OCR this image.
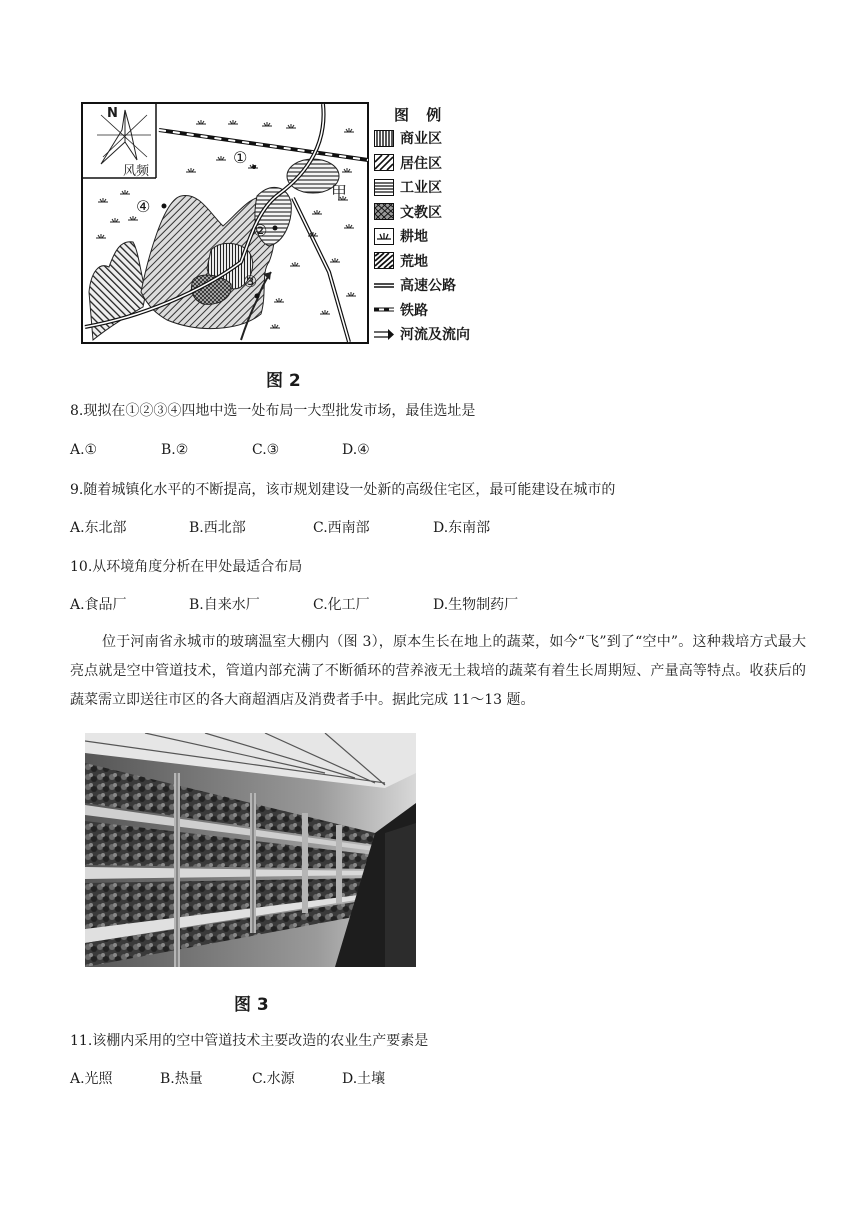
N
风频
①
④
②
③
甲
图 例
商业区
居住区
工业区
文教区
耕地
荒地
高速公路
铁路
河流及流向
图 2
8.现拟在①②③④四地中选一处布局一大型批发市场，最佳选址是
A.①	B.②	C.③	D.④
9.随着城镇化水平的不断提高，该市规划建设一处新的高级住宅区，最可能建设在城市的
A.东北部	B.西北部	C.西南部	D.东南部
10.从环境角度分析在甲处最适合布局
A.食品厂	B.自来水厂	C.化工厂	D.生物制药厂
位于河南省永城市的玻璃温室大棚内（图 3），原本生长在地上的蔬菜，如今“飞”到了“空中”。这种栽培方式最大亮点就是空中管道技术，管道内部充满了不断循环的营养液无土栽培的蔬菜有着生长周期短、产量高等特点。收获后的蔬菜需立即送往市区的各大商超酒店及消费者手中。据此完成 11～13 题。
图 3
11.该棚内采用的空中管道技术主要改造的农业生产要素是
A.光照	B.热量	C.水源	D.土壤
